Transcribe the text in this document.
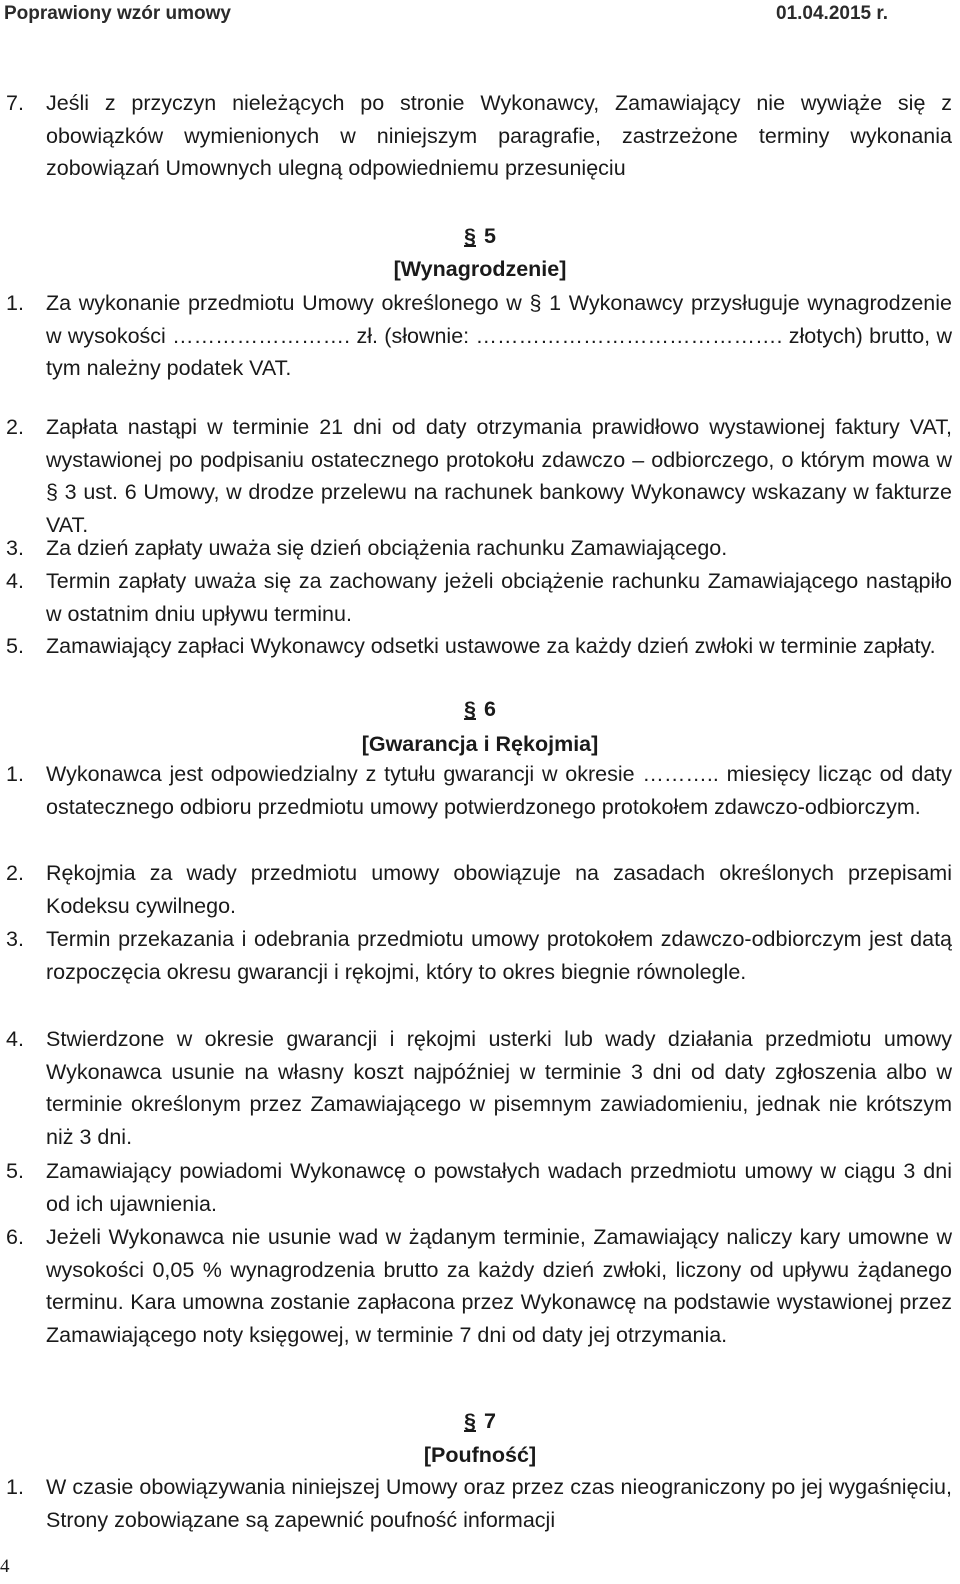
Poprawiony wzór umowy	01.04.2015 r.
7. Jeśli z przyczyn nieleżących po stronie Wykonawcy, Zamawiający nie wywiąże się z obowiązków wymienionych w niniejszym paragrafie, zastrzeżone terminy wykonania zobowiązań Umownych ulegną odpowiedniemu przesunięciu
§ 5
[Wynagrodzenie]
1. Za wykonanie przedmiotu Umowy określonego w § 1 Wykonawcy przysługuje wynagrodzenie w wysokości ……………………. zł. (słownie: ……………………………………. złotych) brutto, w tym należny podatek VAT.
2. Zapłata nastąpi w terminie 21 dni od daty otrzymania prawidłowo wystawionej faktury VAT, wystawionej po podpisaniu ostatecznego protokołu zdawczo – odbiorczego, o którym mowa w § 3 ust. 6 Umowy, w drodze przelewu na rachunek bankowy Wykonawcy wskazany w fakturze VAT.
3. Za dzień zapłaty uważa się dzień obciążenia rachunku Zamawiającego.
4. Termin zapłaty uważa się za zachowany jeżeli obciążenie rachunku Zamawiającego nastąpiło w ostatnim dniu upływu terminu.
5. Zamawiający zapłaci Wykonawcy odsetki ustawowe za każdy dzień zwłoki w terminie zapłaty.
§ 6
[Gwarancja i Rękojmia]
1. Wykonawca jest odpowiedzialny z tytułu gwarancji w okresie ……….. miesięcy licząc od daty ostatecznego odbioru przedmiotu umowy potwierdzonego protokołem zdawczo-odbiorczym.
2. Rękojmia za wady przedmiotu umowy obowiązuje na zasadach określonych przepisami Kodeksu cywilnego.
3. Termin przekazania i odebrania przedmiotu umowy protokołem zdawczo-odbiorczym jest datą rozpoczęcia okresu gwarancji i rękojmi, który to okres biegnie równolegle.
4. Stwierdzone w okresie gwarancji i rękojmi usterki lub wady działania przedmiotu umowy Wykonawca usunie na własny koszt najpóźniej w terminie 3 dni od daty zgłoszenia albo w terminie określonym przez Zamawiającego w pisemnym zawiadomieniu, jednak nie krótszym niż 3 dni.
5. Zamawiający powiadomi Wykonawcę o powstałych wadach przedmiotu umowy w ciągu 3 dni od ich ujawnienia.
6. Jeżeli Wykonawca nie usunie wad w żądanym terminie, Zamawiający naliczy kary umowne w wysokości 0,05 % wynagrodzenia brutto za każdy dzień zwłoki, liczony od upływu żądanego terminu. Kara umowna zostanie zapłacona przez Wykonawcę na podstawie wystawionej przez Zamawiającego noty księgowej, w terminie 7 dni od daty jej otrzymania.
§ 7
[Poufność]
1. W czasie obowiązywania niniejszej Umowy oraz przez czas nieograniczony po jej wygaśnięciu, Strony zobowiązane są zapewnić poufność informacji
4
